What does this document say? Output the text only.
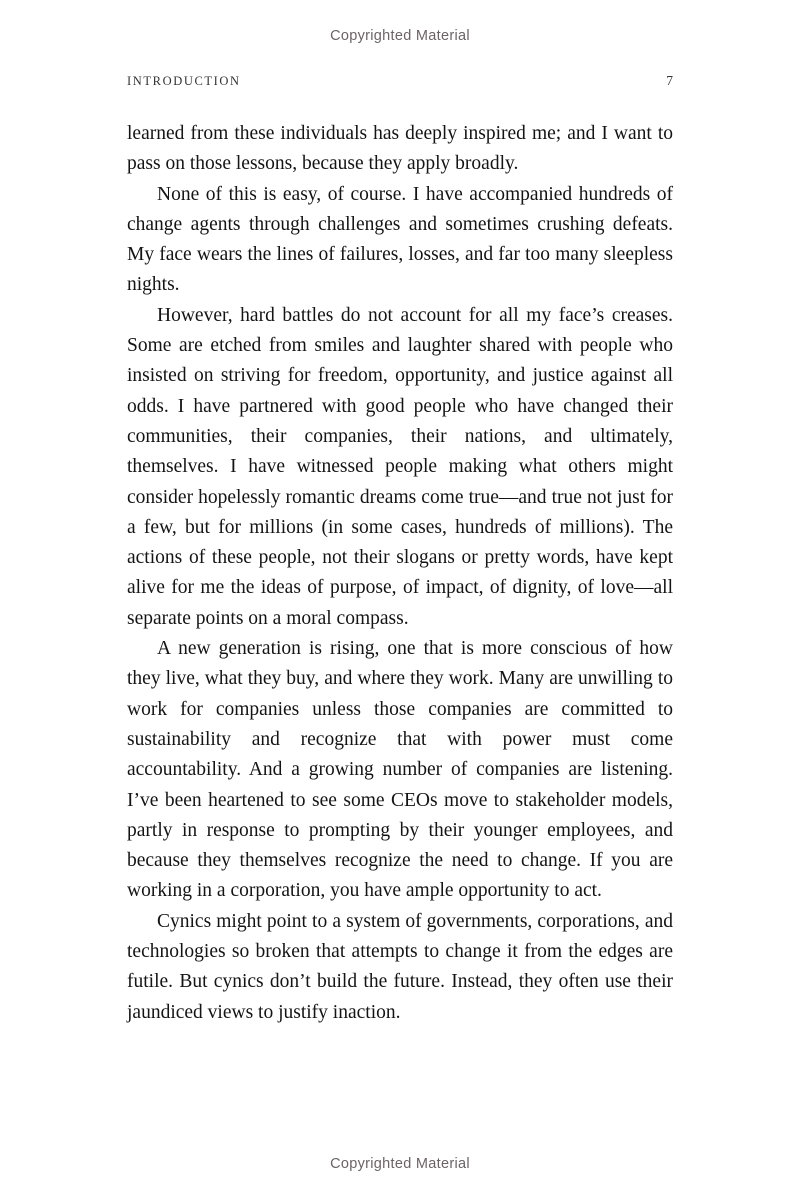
Copyrighted Material
INTRODUCTION	7

learned from these individuals has deeply inspired me; and I want to pass on those lessons, because they apply broadly.

None of this is easy, of course. I have accompanied hundreds of change agents through challenges and sometimes crushing defeats. My face wears the lines of failures, losses, and far too many sleepless nights.

However, hard battles do not account for all my face’s creases. Some are etched from smiles and laughter shared with people who insisted on striving for freedom, opportunity, and justice against all odds. I have partnered with good people who have changed their communities, their companies, their nations, and ultimately, themselves. I have witnessed people making what others might consider hopelessly romantic dreams come true—and true not just for a few, but for millions (in some cases, hundreds of millions). The actions of these people, not their slogans or pretty words, have kept alive for me the ideas of purpose, of impact, of dignity, of love—all separate points on a moral compass.

A new generation is rising, one that is more conscious of how they live, what they buy, and where they work. Many are unwilling to work for companies unless those companies are committed to sustainability and recognize that with power must come accountability. And a growing number of companies are listening. I’ve been heartened to see some CEOs move to stakeholder models, partly in response to prompting by their younger employees, and because they themselves recognize the need to change. If you are working in a corporation, you have ample opportunity to act.

Cynics might point to a system of governments, corporations, and technologies so broken that attempts to change it from the edges are futile. But cynics don’t build the future. Instead, they often use their jaundiced views to justify inaction.

Copyrighted Material
